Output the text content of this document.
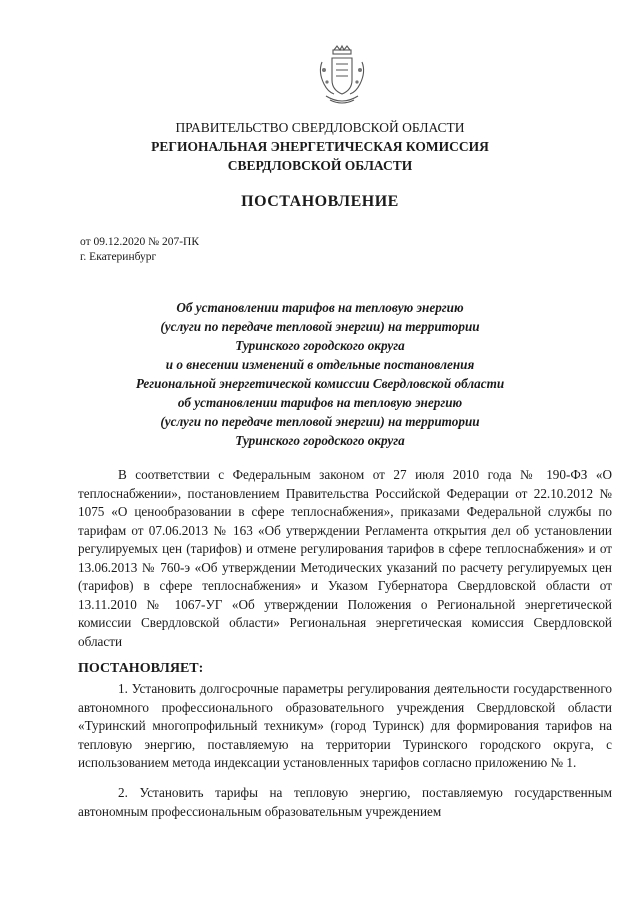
ПРАВИТЕЛЬСТВО СВЕРДЛОВСКОЙ ОБЛАСТИ
РЕГИОНАЛЬНАЯ ЭНЕРГЕТИЧЕСКАЯ КОМИССИЯ
СВЕРДЛОВСКОЙ ОБЛАСТИ
ПОСТАНОВЛЕНИЕ
от 09.12.2020 № 207-ПК
г. Екатеринбург
Об установлении тарифов на тепловую энергию
(услуги по передаче тепловой энергии) на территории
Туринского городского округа
и о внесении изменений в отдельные постановления
Региональной энергетической комиссии Свердловской области
об установлении тарифов на тепловую энергию
(услуги по передаче тепловой энергии) на территории
Туринского городского округа

В соответствии с Федеральным законом от 27 июля 2010 года № 190-ФЗ «О теплоснабжении», постановлением Правительства Российской Федерации от 22.10.2012 № 1075 «О ценообразовании в сфере теплоснабжения», приказами Федеральной службы по тарифам от 07.06.2013 № 163 «Об утверждении Регламента открытия дел об установлении регулируемых цен (тарифов) и отмене регулирования тарифов в сфере теплоснабжения» и от 13.06.2013 № 760-э «Об утверждении Методических указаний по расчету регулируемых цен (тарифов) в сфере теплоснабжения» и Указом Губернатора Свердловской области от 13.11.2010 № 1067-УГ «Об утверждении Положения о Региональной энергетической комиссии Свердловской области» Региональная энергетическая комиссия Свердловской области

ПОСТАНОВЛЯЕТ:

1. Установить долгосрочные параметры регулирования деятельности государственного автономного профессионального образовательного учреждения Свердловской области «Туринский многопрофильный техникум» (город Туринск) для формирования тарифов на тепловую энергию, поставляемую на территории Туринского городского округа, с использованием метода индексации установленных тарифов согласно приложению № 1.

2. Установить тарифы на тепловую энергию, поставляемую государственным автономным профессиональным образовательным учреждением
